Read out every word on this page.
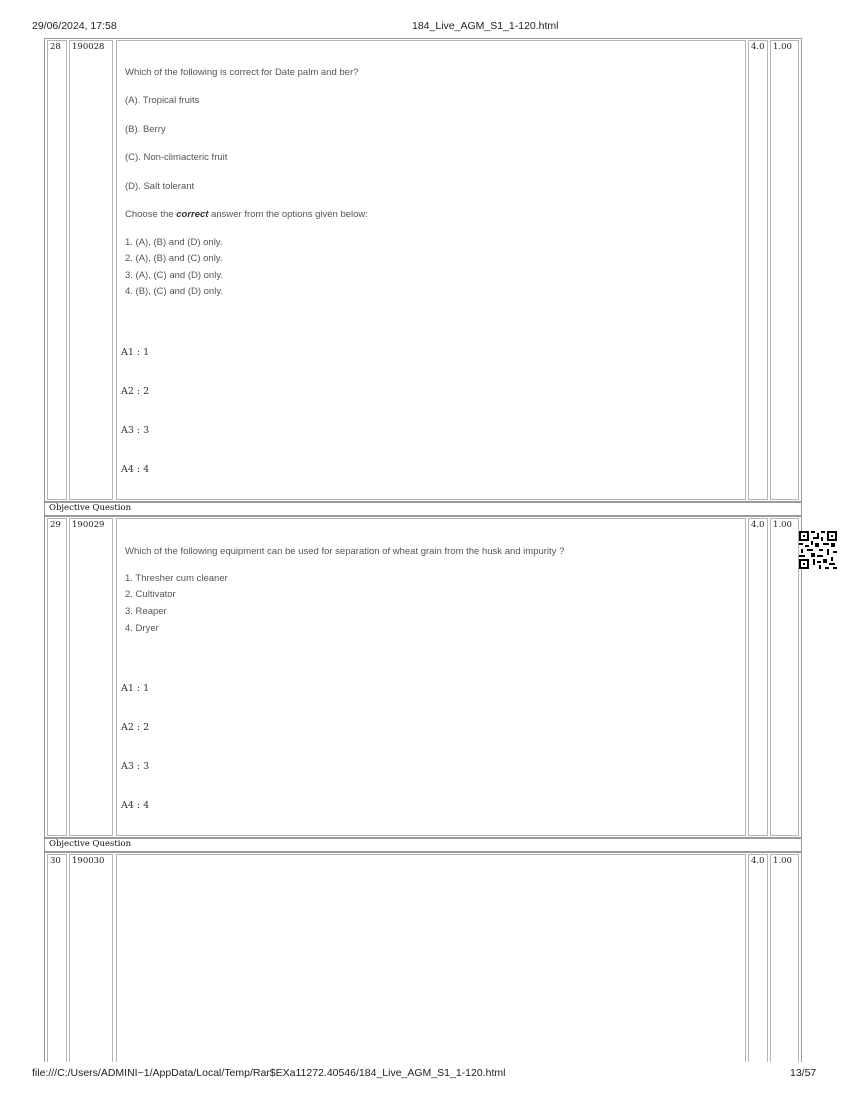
29/06/2024, 17:58	184_Live_AGM_S1_1-120.html
28	190028
Which of the following is correct for Date palm and ber?
(A). Tropical fruits
(B). Berry
(C). Non-climacteric fruit
(D). Salt tolerant
Choose the correct answer from the options given below:
1. (A), (B) and (D) only.
2. (A), (B) and (C) only.
3. (A), (C) and (D) only.
4. (B), (C) and (D) only.
A1 : 1
A2 : 2
A3 : 3
A4 : 4
4.0 1.00
Objective Question
29	190029
Which of the following equipment can be used for separation of wheat grain from the husk and impurity ?
1. Thresher cum cleaner
2. Cultivator
3. Reaper
4. Dryer
A1 : 1
A2 : 2
A3 : 3
A4 : 4
4.0 1.00
Objective Question
30	190030	4.0 1.00
file:///C:/Users/ADMINI~1/AppData/Local/Temp/Rar$EXa11272.40546/184_Live_AGM_S1_1-120.html	13/57
